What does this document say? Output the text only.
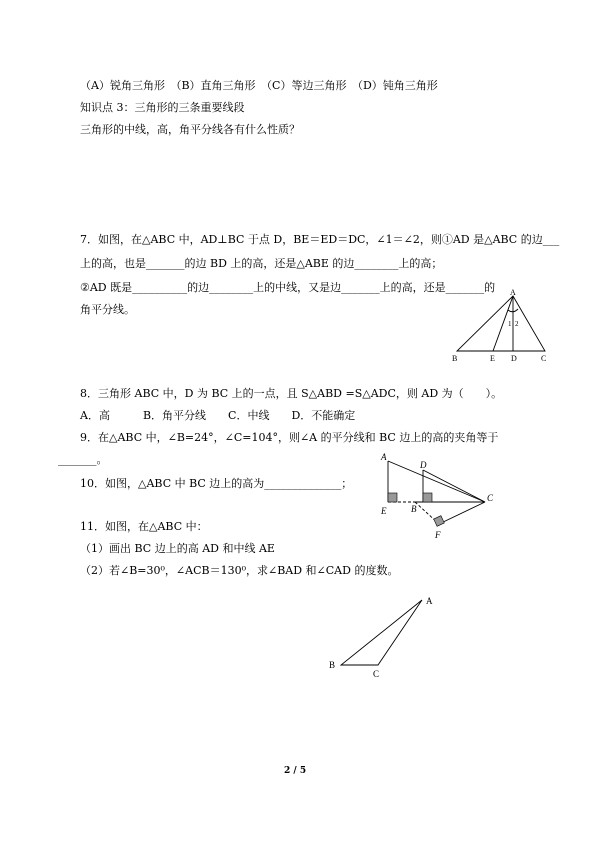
（A）锐角三角形　（B）直角三角形　（C）等边三角形　（D）钝角三角形
知识点 3：三角形的三条重要线段
三角形的中线，高，角平分线各有什么性质？
7．如图，在△ABC 中，AD⊥BC 于点 D，BE＝ED＝DC，∠1＝∠2，则①AD 是△ABC 的边___
上的高，也是_______的边 BD 上的高，还是△ABE 的边________上的高；
②AD 既是__________的边________上的中线，又是边_______上的高，还是_______的
角平分线。
A
1 2
B	E D	C
8．三角形 ABC 中，D 为 BC 上的一点，且 S△ABD =S△ADC，则 AD 为（　　）。
A．高　　　B．角平分线　　C．中线　　D．不能确定
9．在△ABC 中，∠B=24°，∠C=104°，则∠A 的平分线和 BC 边上的高的夹角等于
_______。
10．如图，△ABC 中 BC 边上的高为______________；
A
D
E	B
C
F
11．如图，在△ABC 中：
（1）画出 BC 边上的高 AD 和中线 AE
（2）若∠B=30⁰，∠ACB＝130⁰，求∠BAD 和∠CAD 的度数。
A
B
C
2 / 5
